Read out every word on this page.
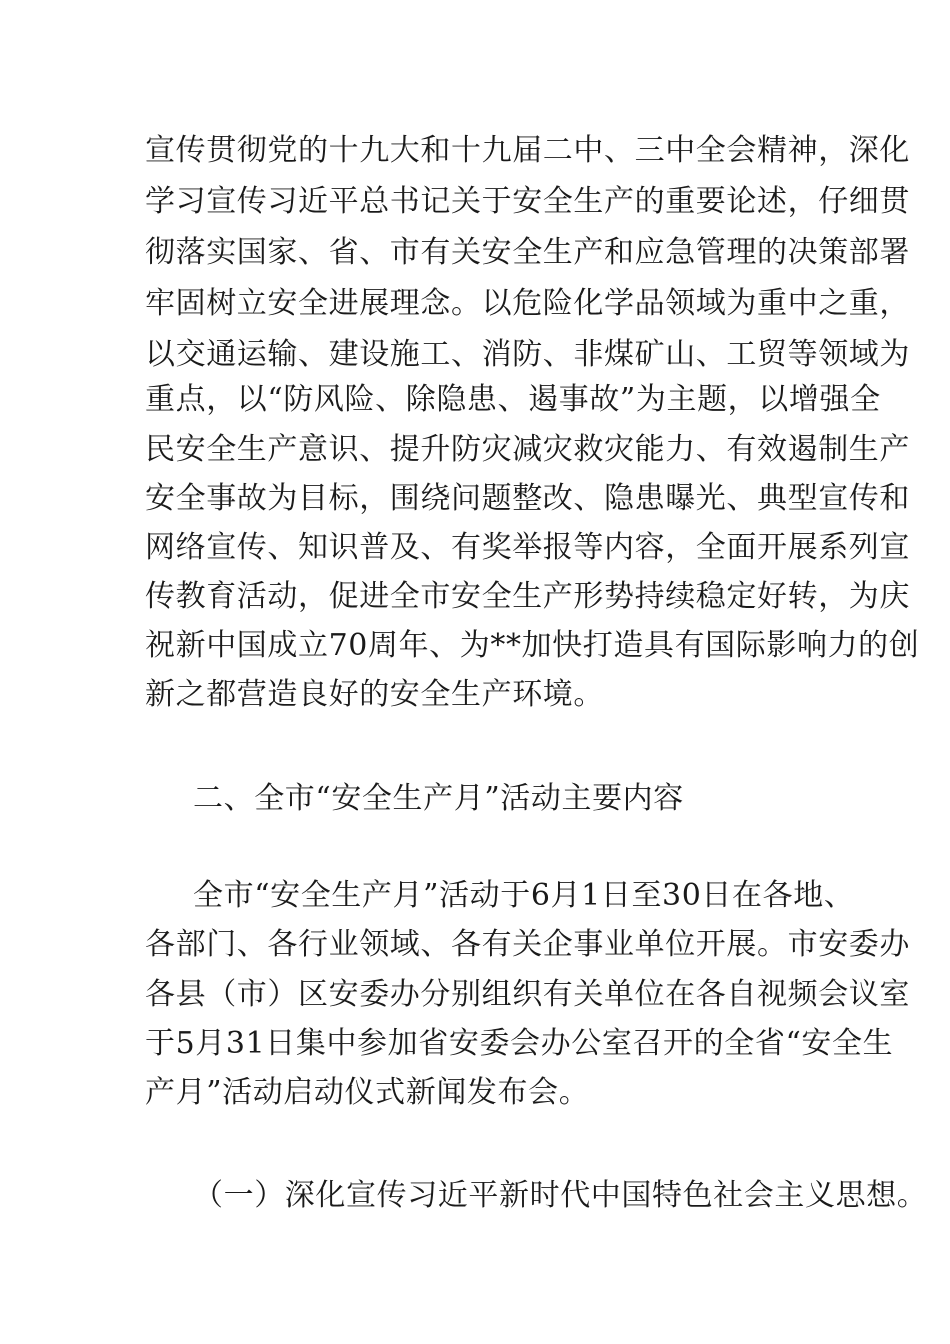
宣传贯彻党的十九大和十九届二中、三中全会精神，深化
学习宣传习近平总书记关于安全生产的重要论述，仔细贯
彻落实国家、省、市有关安全生产和应急管理的决策部署
牢固树立安全进展理念。以危险化学品领域为重中之重，
以交通运输、建设施工、消防、非煤矿山、工贸等领域为
重点，以“防风险、除隐患、遏事故”为主题，以增强全
民安全生产意识、提升防灾减灾救灾能力、有效遏制生产
安全事故为目标，围绕问题整改、隐患曝光、典型宣传和
网络宣传、知识普及、有奖举报等内容，全面开展系列宣
传教育活动，促进全市安全生产形势持续稳定好转，为庆
祝新中国成立70周年、为**加快打造具有国际影响力的创
新之都营造良好的安全生产环境。
二、全市“安全生产月”活动主要内容
全市“安全生产月”活动于6月1日至30日在各地、
各部门、各行业领域、各有关企事业单位开展。市安委办
各县（市）区安委办分别组织有关单位在各自视频会议室
于5月31日集中参加省安委会办公室召开的全省“安全生
产月”活动启动仪式新闻发布会。
（一）深化宣传习近平新时代中国特色社会主义思想。
